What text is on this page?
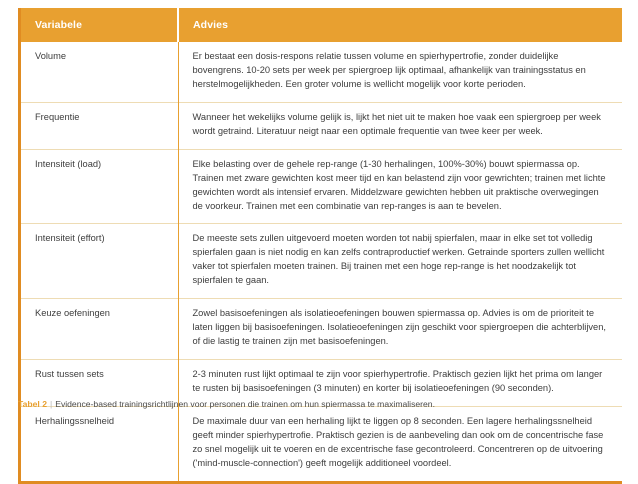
Variabele	Advies
Volume	Er bestaat een dosis-respons relatie tussen volume en spierhypertrofie, zonder duidelijke bovengrens. 10-20 sets per week per spiergroep lijk optimaal, afhankelijk van trainingsstatus en herstelmogelijkheden. Een groter volume is wellicht mogelijk voor korte perioden.
Frequentie	Wanneer het wekelijks volume gelijk is, lijkt het niet uit te maken hoe vaak een spiergroep per week wordt getraind. Literatuur neigt naar een optimale frequentie van twee keer per week.
Intensiteit (load)	Elke belasting over de gehele rep-range (1-30 herhalingen, 100%-30%) bouwt spiermassa op. Trainen met zware gewichten kost meer tijd en kan belastend zijn voor gewrichten; trainen met lichte gewichten wordt als intensief ervaren. Middelzware gewichten hebben uit praktische overwegingen de voorkeur. Trainen met een combinatie van rep-ranges is aan te bevelen.
Intensiteit (effort)	De meeste sets zullen uitgevoerd moeten worden tot nabij spierfalen, maar in elke set tot volledig spierfalen gaan is niet nodig en kan zelfs contraproductief werken. Getrainde sporters zullen wellicht vaker tot spierfalen moeten trainen. Bij trainen met een hoge rep-range is het noodzakelijk tot spierfalen te gaan.
Keuze oefeningen	Zowel basisoefeningen als isolatieoefeningen bouwen spiermassa op. Advies is om de prioriteit te laten liggen bij basisoefeningen. Isolatieoefeningen zijn geschikt voor spiergroepen die achterblijven, of die lastig te trainen zijn met basisoefeningen.
Rust tussen sets	2-3 minuten rust lijkt optimaal te zijn voor spierhypertrofie. Praktisch gezien lijkt het prima om langer te rusten bij basisoefeningen (3 minuten) en korter bij isolatieoefeningen (90 seconden).
Herhalingssnelheid	De maximale duur van een herhaling lijkt te liggen op 8 seconden. Een lagere herhalingssnelheid geeft minder spierhypertrofie. Praktisch gezien is de aanbeveling dan ook om de concentrische fase zo snel mogelijk uit te voeren en de excentrische fase gecontroleerd. Concentreren op de uitvoering ('mind-muscle-connection') geeft mogelijk additioneel voordeel.
Tabel 2 | Evidence-based trainingsrichtlijnen voor personen die trainen om hun spiermassa te maximaliseren.
